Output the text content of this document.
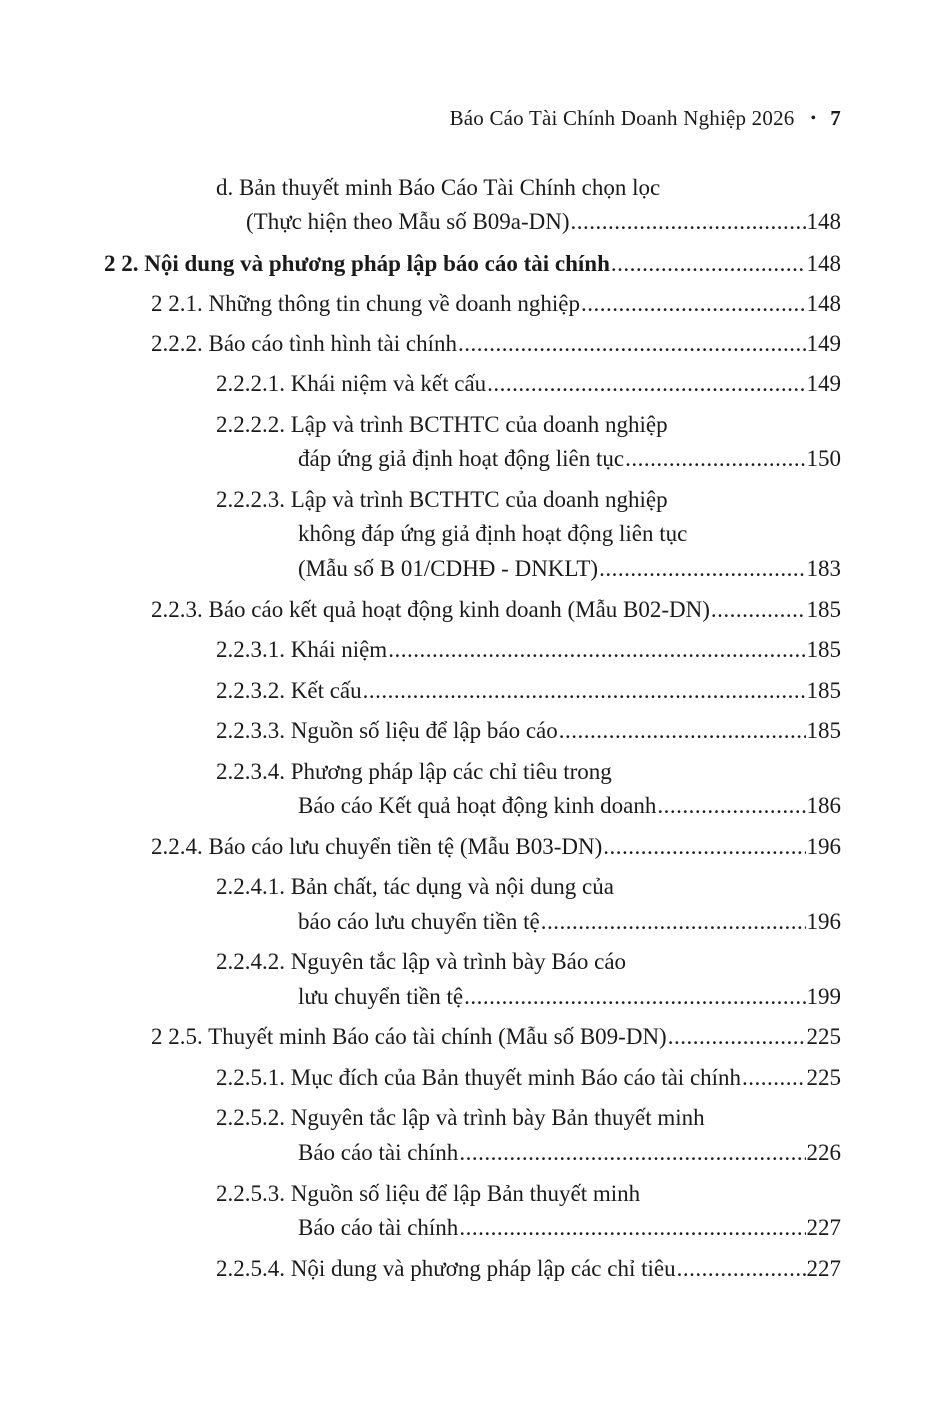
Báo Cáo Tài Chính Doanh Nghiệp 2026 • 7
d. Bản thuyết minh Báo Cáo Tài Chính chọn lọc
(Thực hiện theo Mẫu số B09a-DN) .....	148
2 2. Nội dung và phương pháp lập báo cáo tài chính .....	148
2 2.1. Những thông tin chung về doanh nghiệp .....	148
2.2.2. Báo cáo tình hình tài chính .....	149
2.2.2.1. Khái niệm và kết cấu .....	149
2.2.2.2. Lập và trình BCTHTC của doanh nghiệp
đáp ứng giả định hoạt động liên tục .....	150
2.2.2.3. Lập và trình BCTHTC của doanh nghiệp
không đáp ứng giả định hoạt động liên tục
(Mẫu số B 01/CDHĐ - DNKLT) .....	183
2.2.3. Báo cáo kết quả hoạt động kinh doanh (Mẫu B02-DN) .....	185
2.2.3.1. Khái niệm .....	185
2.2.3.2. Kết cấu .....	185
2.2.3.3. Nguồn số liệu để lập báo cáo .....	185
2.2.3.4. Phương pháp lập các chỉ tiêu trong
Báo cáo Kết quả hoạt động kinh doanh .....	186
2.2.4. Báo cáo lưu chuyển tiền tệ (Mẫu B03-DN) .....	196
2.2.4.1. Bản chất, tác dụng và nội dung của
báo cáo lưu chuyển tiền tệ .....	196
2.2.4.2. Nguyên tắc lập và trình bày Báo cáo
lưu chuyển tiền tệ .....	199
2 2.5. Thuyết minh Báo cáo tài chính (Mẫu số B09-DN) .....	225
2.2.5.1. Mục đích của Bản thuyết minh Báo cáo tài chính .....	225
2.2.5.2. Nguyên tắc lập và trình bày Bản thuyết minh
Báo cáo tài chính .....	226
2.2.5.3. Nguồn số liệu để lập Bản thuyết minh
Báo cáo tài chính .....	227
2.2.5.4. Nội dung và phương pháp lập các chỉ tiêu .....	227
